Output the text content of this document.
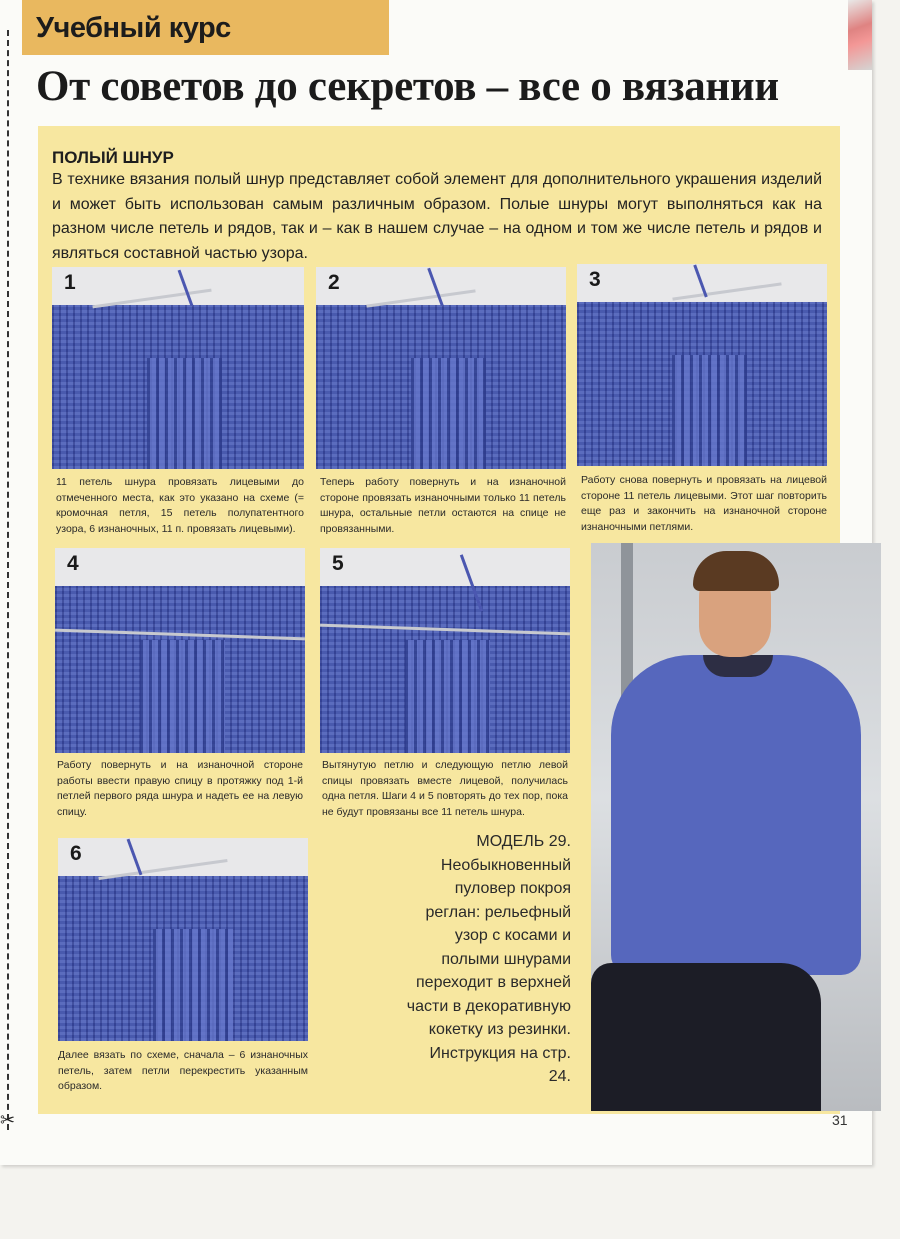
✂
Учебный курс
От советов до секретов – все о вязании
ПОЛЫЙ ШНУР
В технике вязания полый шнур представляет собой элемент для дополнительного украшения изделий и может быть использован самым различным образом. Полые шнуры могут выполняться как на разном числе петель и рядов, так и – как в нашем случае – на одном и том же числе петель и рядов и являться составной частью узора.
1	2	3
11 петель шнура провязать лицевыми до отмеченного места, как это указано на схеме (= кромочная петля, 15 петель полупатентного узора, 6 изнаночных, 11 п. провязать лицевыми).
Теперь работу повернуть и на изнаночной стороне провязать изнаночными только 11 петель шнура, остальные петли остаются на спице не провязанными.
Работу снова повернуть и провязать на лицевой стороне 11 петель лицевыми. Этот шаг повторить еще раз и закончить на изнаночной стороне изнаночными петлями.
4	5
Работу повернуть и на изнаночной стороне работы ввести правую спицу в протяжку под 1-й петлей первого ряда шнура и надеть ее на левую спицу.
Вытянутую петлю и следующую петлю левой спицы провязать вместе лицевой, получилась одна петля. Шаги 4 и 5 повторять до тех пор, пока не будут провязаны все 11 петель шнура.
6
Далее вязать по схеме, сначала – 6 изнаночных петель, затем петли перекрестить указанным образом.
МОДЕЛЬ 29. Необыкновенный пуловер покроя реглан: рельефный узор с косами и полыми шнурами переходит в верхней части в декоративную кокетку из резинки. Инструкция на стр. 24.
31
